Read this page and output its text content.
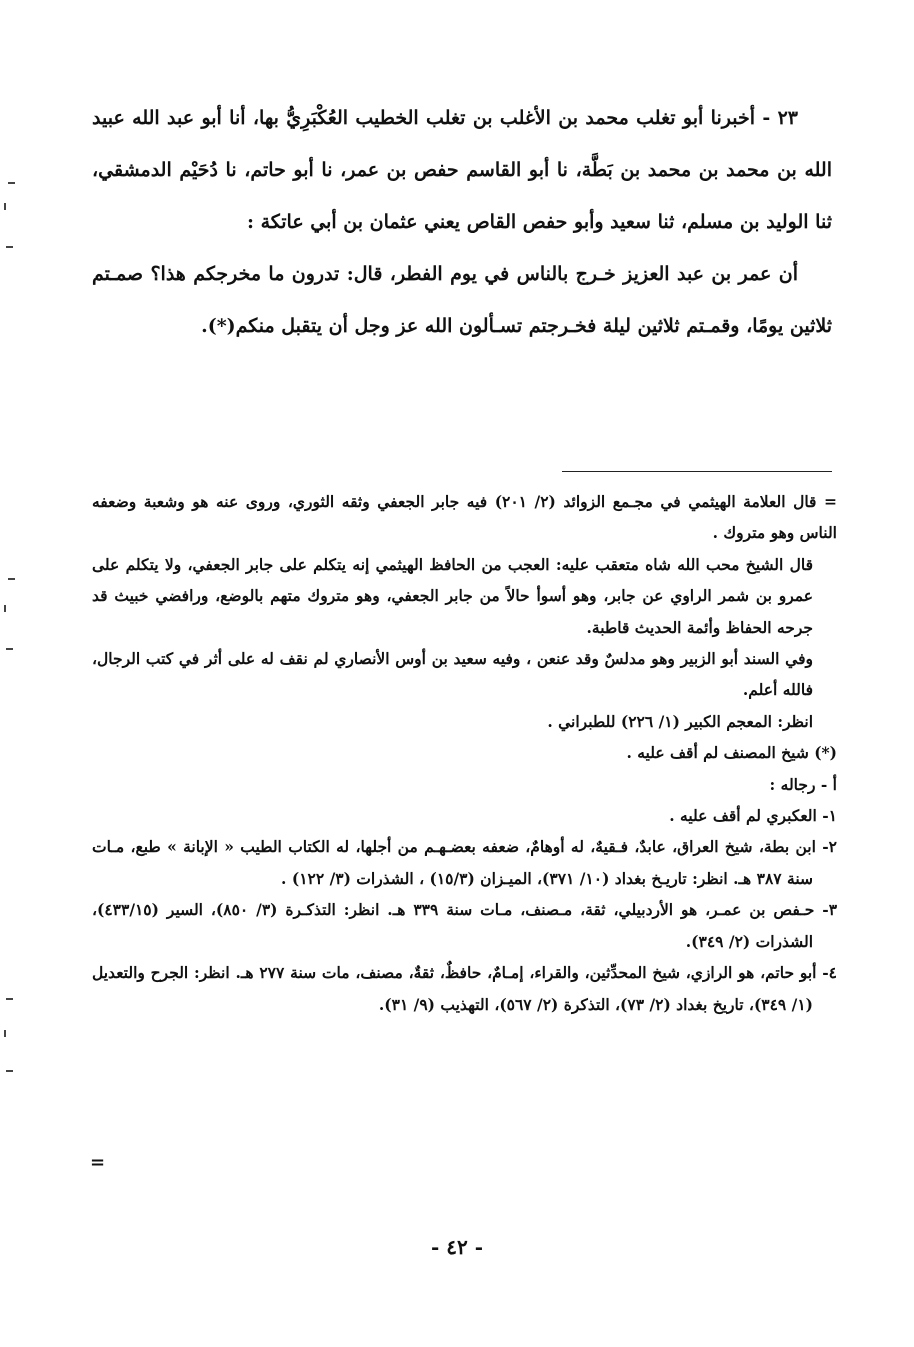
٢٣ - أخبرنا أبو تغلب محمد بن الأغلب بن تغلب الخطيب العُكْبَرِيُّ بها، أنا أبو عبد الله عبيد الله بن محمد بن محمد بن بَطَّة، نا أبو القاسم حفص بن عمر، نا أبو حاتم، نا دُحَيْم الدمشقي، ثنا الوليد بن مسلم، ثنا سعيد وأبو حفص القاص يعني عثمان بن أبي عاتكة :

أن عمر بن عبد العزيز خـرج بالناس في يوم الفطر، قال: تدرون ما مخرجكم هذا؟ صمـتم ثلاثين يومًا، وقمـتم ثلاثين ليلة فخـرجتم تسـألون الله عز وجل أن يتقبل منكم(*).

= قال العلامة الهيثمي في مجـمع الزوائد (٢/ ٢٠١) فيه جابر الجعفي وثقه الثوري، وروى عنه هو وشعبة وضعفه الناس وهو متروك .

قال الشيخ محب الله شاه متعقب عليه: العجب من الحافظ الهيثمي إنه يتكلم على جابر الجعفي، ولا يتكلم على عمرو بن شمر الراوي عن جابر، وهو أسوأ حالاً من جابر الجعفي، وهو متروك متهم بالوضع، ورافضي خبيث قد جرحه الحفاظ وأئمة الحديث قاطبة.

وفي السند أبو الزبير وهو مدلسٌ وقد عنعن ، وفيه سعيد بن أوس الأنصاري لم نقف له على أثر في كتب الرجال، فالله أعلم.

انظر: المعجم الكبير (١/ ٢٢٦) للطبراني .

(*) شيخ المصنف لم أقف عليه .

أ - رجاله :

١- العكبري لم أقف عليه .

٢- ابن بطة، شيخ العراق، عابدٌ، فـقيهٌ، له أوهامٌ، ضعفه بعضـهـم من أجلها، له الكتاب الطيب « الإبانة » طبع، مـات سنة ٣٨٧ هـ. انظر: تاريـخ بغداد (١٠/ ٣٧١)، الميـزان (١٥/٣) ، الشذرات (٣/ ١٢٢) .

٣- حـفص بن عمـر، هو الأردبيلي، ثقة، مـصنف، مـات سنة ٣٣٩ هـ. انظر: التذكـرة (٣/ ٨٥٠)، السير (٤٣٣/١٥)، الشذرات (٢/ ٣٤٩).

٤- أبو حاتم، هو الرازي، شيخ المحدِّثين، والقراء، إمـامٌ، حافظٌ، ثقةٌ، مصنف، مات سنة ٢٧٧ هـ. انظر: الجرح والتعديل (١/ ٣٤٩)، تاريخ بغداد (٢/ ٧٣)، التذكرة (٢/ ٥٦٧)، التهذيب (٩/ ٣١).

=
- ٤٢ -
